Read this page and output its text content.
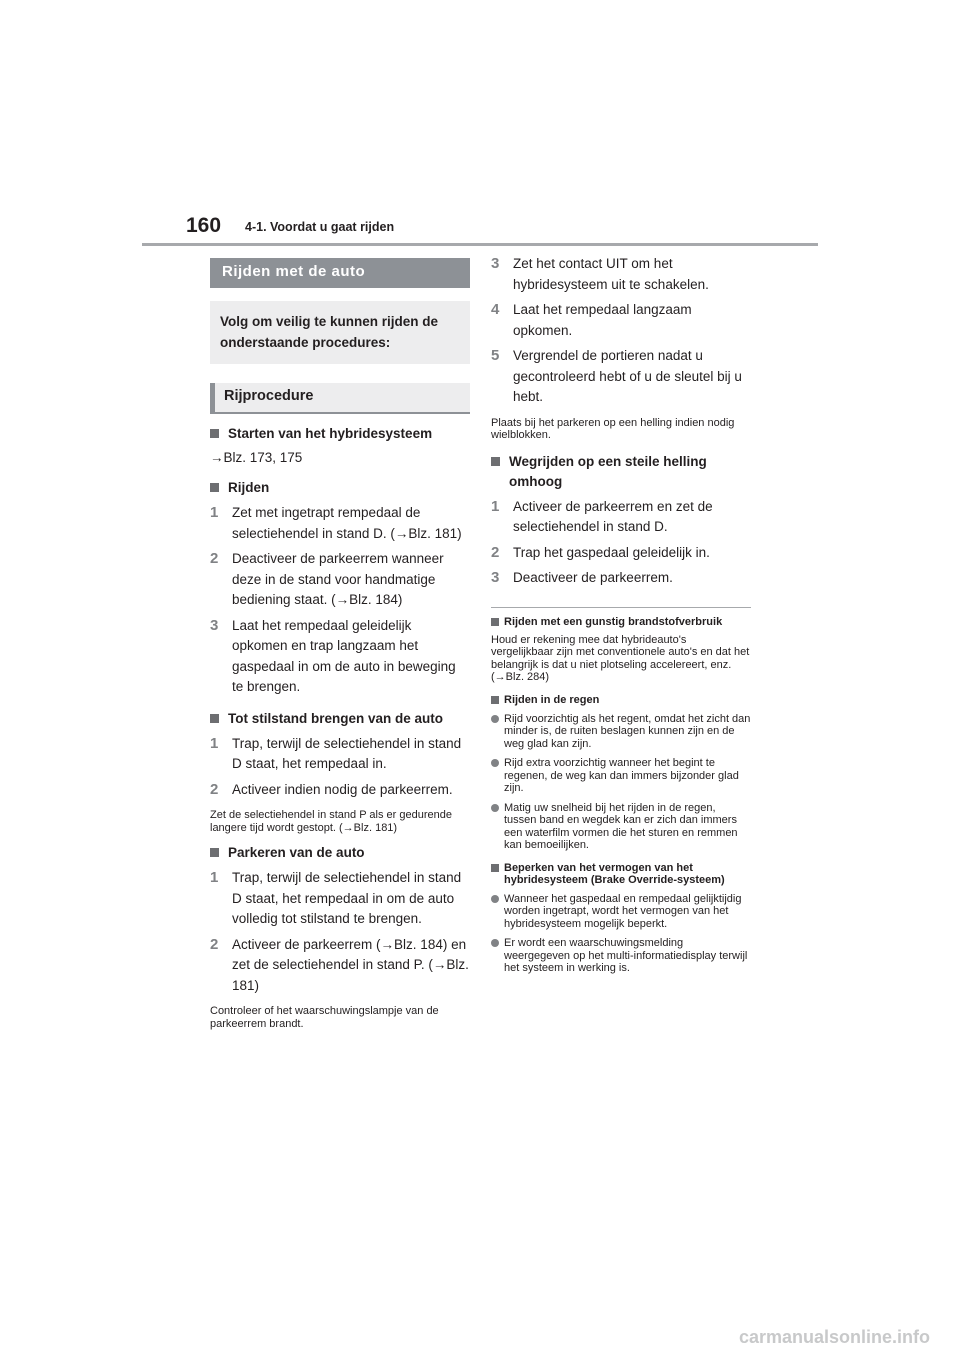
160 4-1. Voordat u gaat rijden
Rijden met de auto
Volg om veilig te kunnen rijden de onderstaande procedures:
Rijprocedure
Starten van het hybridesysteem
→Blz. 173, 175
Rijden
1	Zet met ingetrapt rempedaal de selectiehendel in stand D. (→Blz. 181)
2	Deactiveer de parkeerrem wanneer deze in de stand voor handmatige bediening staat. (→Blz. 184)
3	Laat het rempedaal geleidelijk opkomen en trap langzaam het gaspedaal in om de auto in beweging te brengen.
Tot stilstand brengen van de auto
1	Trap, terwijl de selectiehendel in stand D staat, het rempedaal in.
2	Activeer indien nodig de parkeerrem.
Zet de selectiehendel in stand P als er gedurende langere tijd wordt gestopt. (→Blz. 181)
Parkeren van de auto
1	Trap, terwijl de selectiehendel in stand D staat, het rempedaal in om de auto volledig tot stilstand te brengen.
2	Activeer de parkeerrem (→Blz. 184) en zet de selectiehendel in stand P. (→Blz. 181)
Controleer of het waarschuwingslampje van de parkeerrem brandt.
3	Zet het contact UIT om het hybridesysteem uit te schakelen.
4	Laat het rempedaal langzaam opkomen.
5	Vergrendel de portieren nadat u gecontroleerd hebt of u de sleutel bij u hebt.
Plaats bij het parkeren op een helling indien nodig wielblokken.
Wegrijden op een steile helling omhoog
1	Activeer de parkeerrem en zet de selectiehendel in stand D.
2	Trap het gaspedaal geleidelijk in.
3	Deactiveer de parkeerrem.
Rijden met een gunstig brandstofverbruik
Houd er rekening mee dat hybrideauto's vergelijkbaar zijn met conventionele auto's en dat het belangrijk is dat u niet plotseling accelereert, enz. (→Blz. 284)
Rijden in de regen
Rijd voorzichtig als het regent, omdat het zicht dan minder is, de ruiten beslagen kunnen zijn en de weg glad kan zijn.
Rijd extra voorzichtig wanneer het begint te regenen, de weg kan dan immers bijzonder glad zijn.
Matig uw snelheid bij het rijden in de regen, tussen band en wegdek kan er zich dan immers een waterfilm vormen die het sturen en remmen kan bemoeilijken.
Beperken van het vermogen van het hybridesysteem (Brake Override-systeem)
Wanneer het gaspedaal en rempedaal gelijktijdig worden ingetrapt, wordt het vermogen van het hybridesysteem mogelijk beperkt.
Er wordt een waarschuwingsmelding weergegeven op het multi-informatiedisplay terwijl het systeem in werking is.
carmanualsonline.info
